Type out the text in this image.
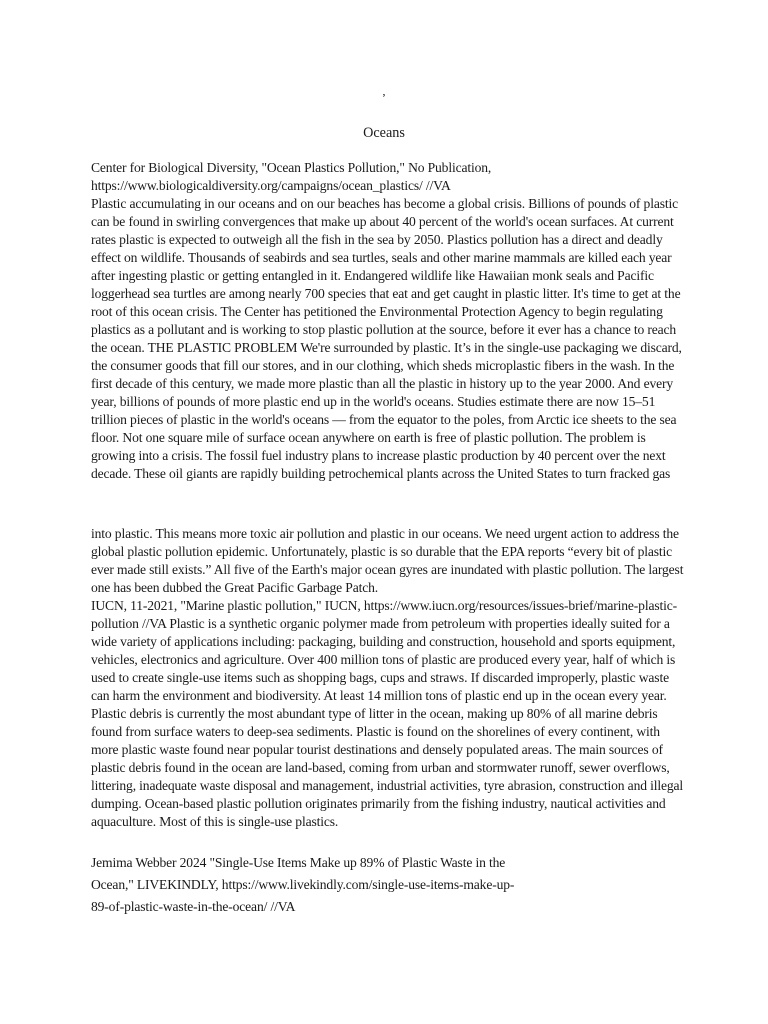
,
Oceans
Center for Biological Diversity, "Ocean Plastics Pollution," No Publication,
https://www.biologicaldiversity.org/campaigns/ocean_plastics/ //VA
Plastic accumulating in our oceans and on our beaches has become a global crisis. Billions of pounds of plastic can be found in swirling convergences that make up about 40 percent of the world's ocean surfaces. At current rates plastic is expected to outweigh all the fish in the sea by 2050. Plastics pollution has a direct and deadly effect on wildlife. Thousands of seabirds and sea turtles, seals and other marine mammals are killed each year after ingesting plastic or getting entangled in it. Endangered wildlife like Hawaiian monk seals and Pacific loggerhead sea turtles are among nearly 700 species that eat and get caught in plastic litter. It's time to get at the root of this ocean crisis. The Center has petitioned the Environmental Protection Agency to begin regulating plastics as a pollutant and is working to stop plastic pollution at the source, before it ever has a chance to reach the ocean. THE PLASTIC PROBLEM We're surrounded by plastic. It’s in the single-use packaging we discard, the consumer goods that fill our stores, and in our clothing, which sheds microplastic fibers in the wash. In the first decade of this century, we made more plastic than all the plastic in history up to the year 2000. And every year, billions of pounds of more plastic end up in the world's oceans. Studies estimate there are now 15–51 trillion pieces of plastic in the world's oceans — from the equator to the poles, from Arctic ice sheets to the sea floor. Not one square mile of surface ocean anywhere on earth is free of plastic pollution. The problem is growing into a crisis. The fossil fuel industry plans to increase plastic production by 40 percent over the next decade. These oil giants are rapidly building petrochemical plants across the United States to turn fracked gas
into plastic. This means more toxic air pollution and plastic in our oceans. We need urgent action to address the global plastic pollution epidemic. Unfortunately, plastic is so durable that the EPA reports “every bit of plastic ever made still exists.” All five of the Earth's major ocean gyres are inundated with plastic pollution. The largest one has been dubbed the Great Pacific Garbage Patch.
IUCN, 11-2021, "Marine plastic pollution," IUCN, https://www.iucn.org/resources/issues-brief/marine-plastic-pollution //VA Plastic is a synthetic organic polymer made from petroleum with properties ideally suited for a wide variety of applications including: packaging, building and construction, household and sports equipment, vehicles, electronics and agriculture. Over 400 million tons of plastic are produced every year, half of which is used to create single-use items such as shopping bags, cups and straws. If discarded improperly, plastic waste can harm the environment and biodiversity. At least 14 million tons of plastic end up in the ocean every year. Plastic debris is currently the most abundant type of litter in the ocean, making up 80% of all marine debris found from surface waters to deep-sea sediments. Plastic is found on the shorelines of every continent, with more plastic waste found near popular tourist destinations and densely populated areas. The main sources of plastic debris found in the ocean are land-based, coming from urban and stormwater runoff, sewer overflows, littering, inadequate waste disposal and management, industrial activities, tyre abrasion, construction and illegal dumping. Ocean-based plastic pollution originates primarily from the fishing industry, nautical activities and aquaculture. Most of this is single-use plastics.
Jemima Webber 2024 "Single-Use Items Make up 89% of Plastic Waste in the
Ocean," LIVEKINDLY, https://www.livekindly.com/single-use-items-make-up-
89-of-plastic-waste-in-the-ocean/ //VA
